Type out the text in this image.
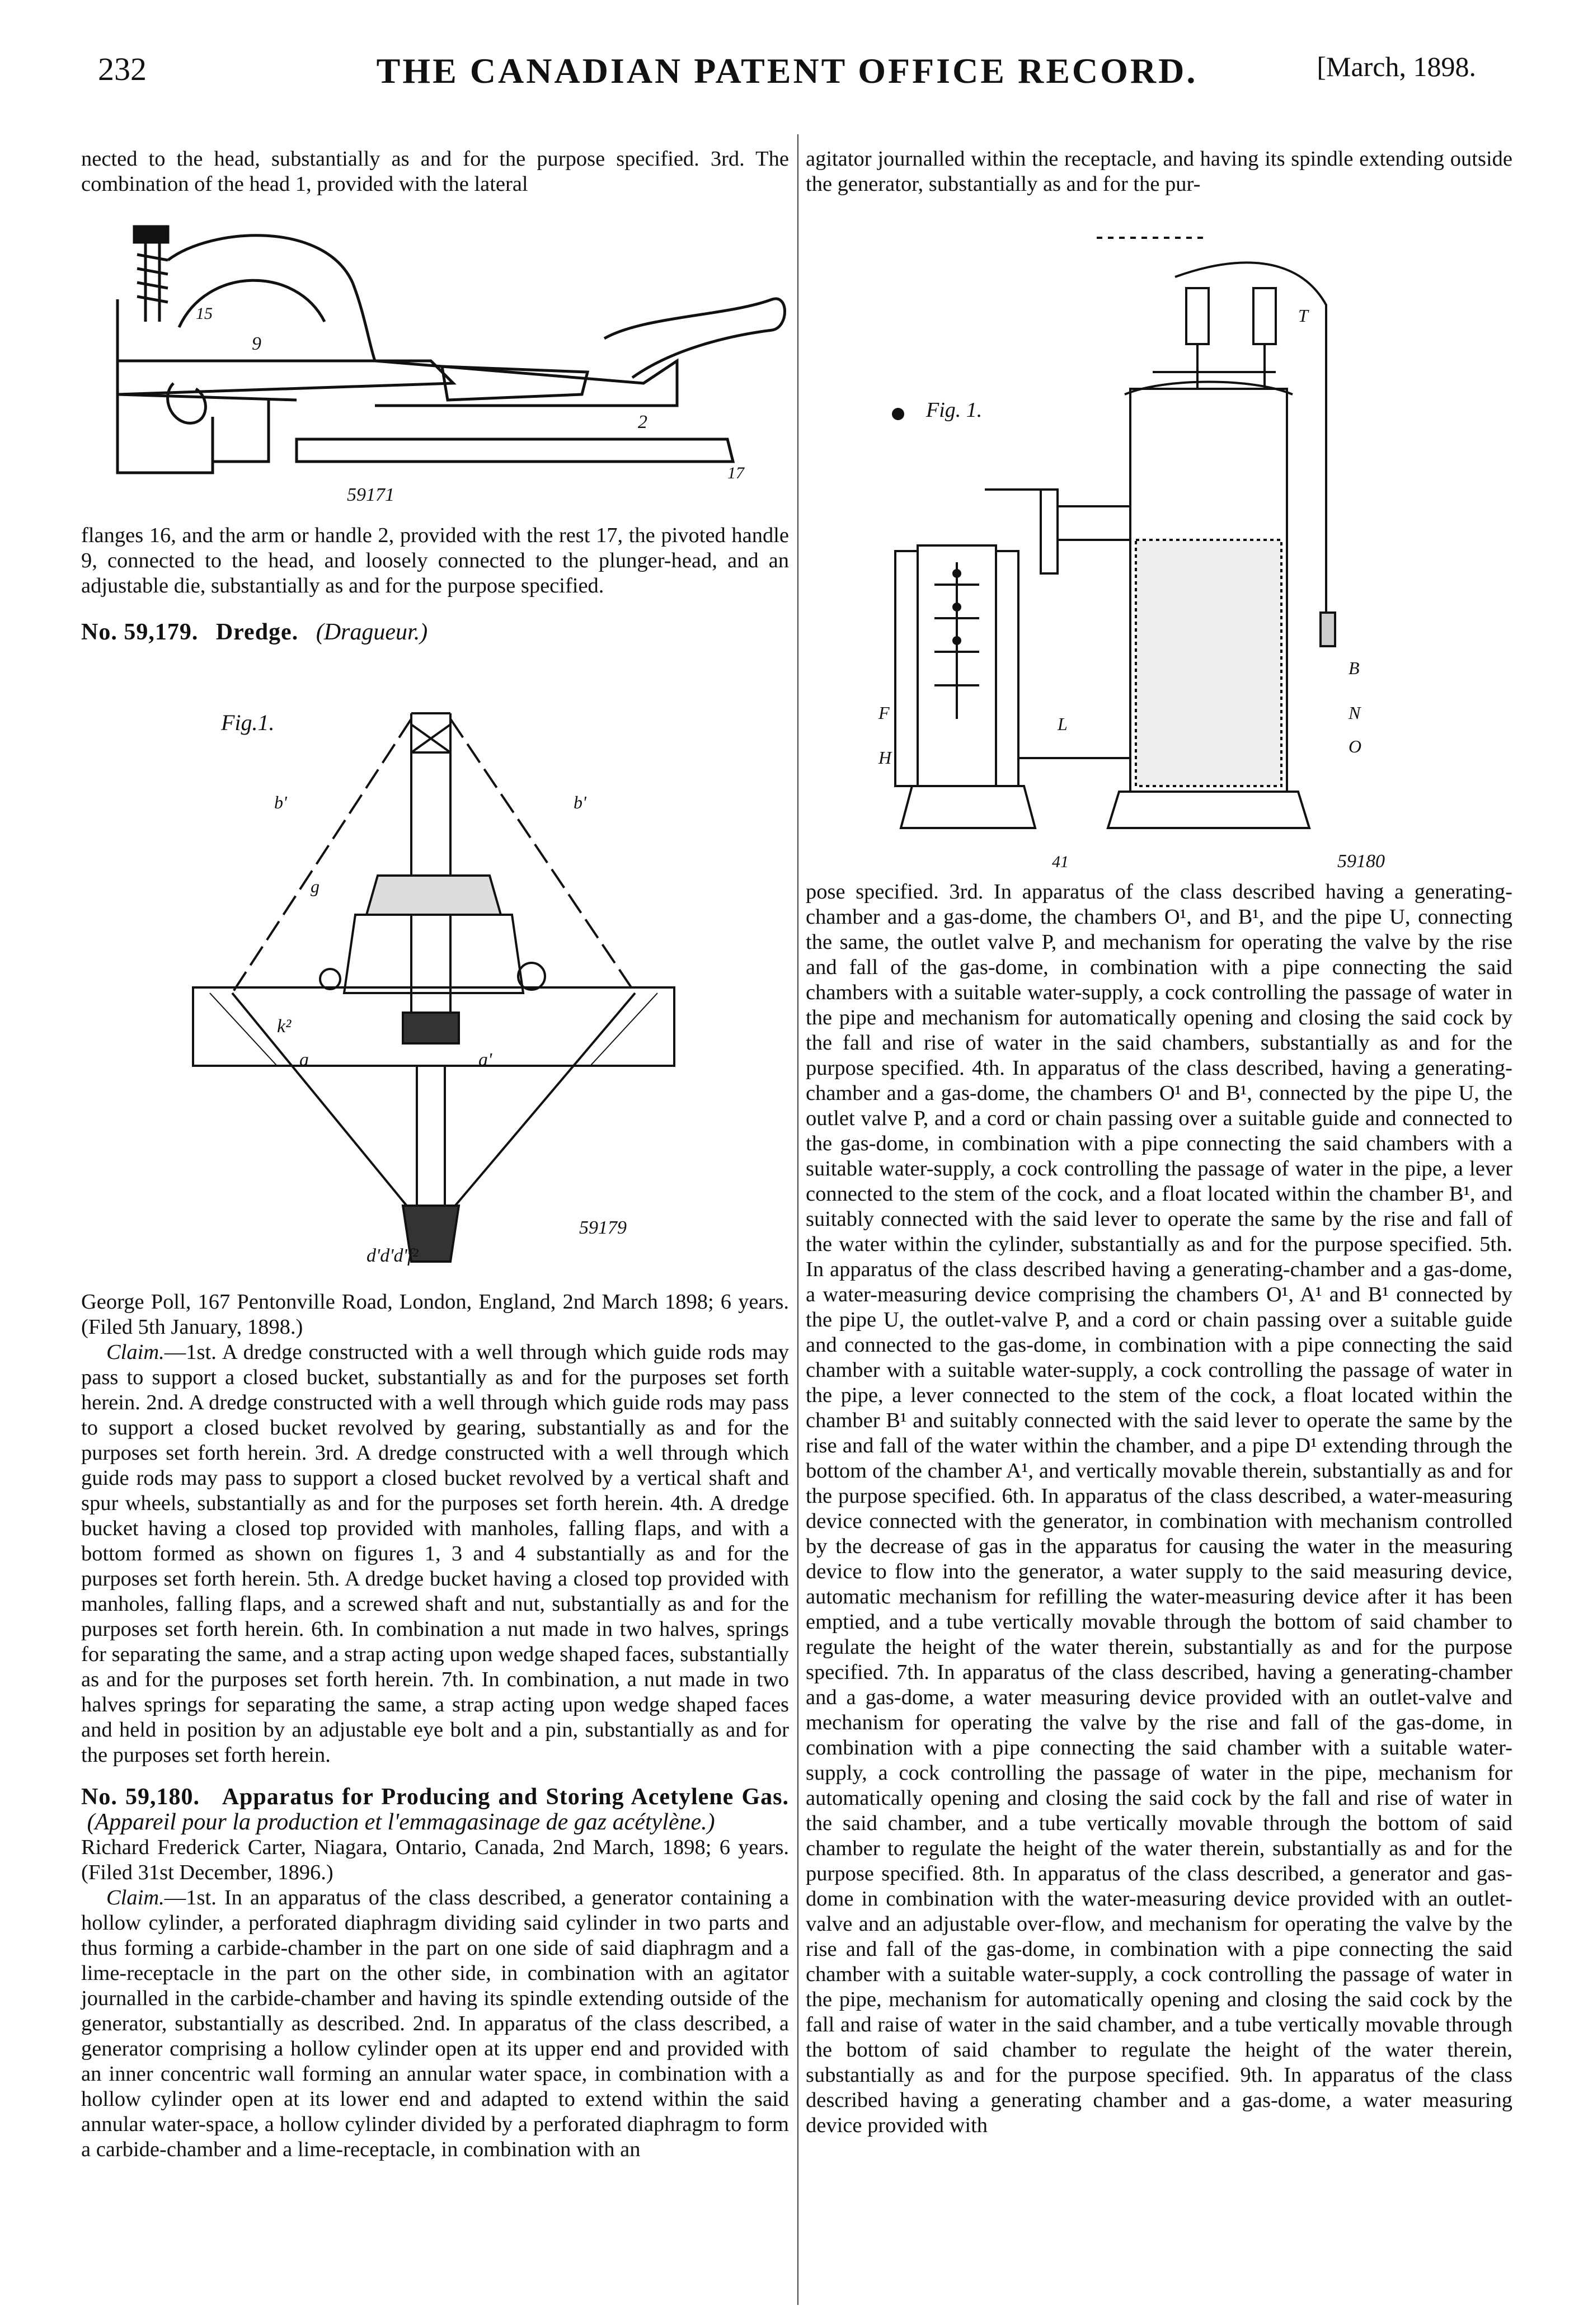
232	THE CANADIAN PATENT OFFICE RECORD.	[March, 1898.

nected to the head, substantially as and for the purpose specified. 3rd. The combination of the head 1, provided with the lateral

9
2
17
15
59171

flanges 16, and the arm or handle 2, provided with the rest 17, the pivoted handle 9, connected to the head, and loosely connected to the plunger-head, and an adjustable die, substantially as and for the purpose specified.

No. 59,179. Dredge. (Dragueur.)

Fig.1.
59179
k²
a	a'
d'd'd'f²
b'	b'
g

George Poll, 167 Pentonville Road, London, England, 2nd March 1898; 6 years. (Filed 5th January, 1898.)

Claim.—1st. A dredge constructed with a well through which guide rods may pass to support a closed bucket, substantially as and for the purposes set forth herein. 2nd. A dredge constructed with a well through which guide rods may pass to support a closed bucket revolved by gearing, substantially as and for the purposes set forth herein. 3rd. A dredge constructed with a well through which guide rods may pass to support a closed bucket revolved by a vertical shaft and spur wheels, substantially as and for the purposes set forth herein. 4th. A dredge bucket having a closed top provided with manholes, falling flaps, and with a bottom formed as shown on figures 1, 3 and 4 substantially as and for the purposes set forth herein. 5th. A dredge bucket having a closed top provided with manholes, falling flaps, and a screwed shaft and nut, substantially as and for the purposes set forth herein. 6th. In combination a nut made in two halves, springs for separating the same, and a strap acting upon wedge shaped faces, substantially as and for the purposes set forth herein. 7th. In combination, a nut made in two halves springs for separating the same, a strap acting upon wedge shaped faces and held in position by an adjustable eye bolt and a pin, substantially as and for the purposes set forth herein.

No. 59,180. Apparatus for Producing and Storing Acetylene Gas.  (Appareil pour la production et l'emmagasinage de gaz acétylène.)

Richard Frederick Carter, Niagara, Ontario, Canada, 2nd March, 1898; 6 years. (Filed 31st December, 1896.)

Claim.—1st. In an apparatus of the class described, a generator containing a hollow cylinder, a perforated diaphragm dividing said cylinder in two parts and thus forming a carbide-chamber in the part on one side of said diaphragm and a lime-receptacle in the part on the other side, in combination with an agitator journalled in the carbide-chamber and having its spindle extending outside of the generator, substantially as described. 2nd. In apparatus of the class described, a generator comprising a hollow cylinder open at its upper end and provided with an inner concentric wall forming an annular water space, in combination with a hollow cylinder open at its lower end and adapted to extend within the said annular water-space, a hollow cylinder divided by a perforated diaphragm to form a carbide-chamber and a lime-receptacle, in combination with an

agitator journalled within the receptacle, and having its spindle extending outside the generator, substantially as and for the pur-

Fig. 1.
59180
41
T
B
N
O
F
H
L

pose specified. 3rd. In apparatus of the class described having a generating-chamber and a gas-dome, the chambers O¹, and B¹, and the pipe U, connecting the same, the outlet valve P, and mechanism for operating the valve by the rise and fall of the gas-dome, in combination with a pipe connecting the said chambers with a suitable water-supply, a cock controlling the passage of water in the pipe and mechanism for automatically opening and closing the said cock by the fall and rise of water in the said chambers, substantially as and for the purpose specified. 4th. In apparatus of the class described, having a generating-chamber and a gas-dome, the chambers O¹ and B¹, connected by the pipe U, the outlet valve P, and a cord or chain passing over a suitable guide and connected to the gas-dome, in combination with a pipe connecting the said chambers with a suitable water-supply, a cock controlling the passage of water in the pipe, a lever connected to the stem of the cock, and a float located within the chamber B¹, and suitably connected with the said lever to operate the same by the rise and fall of the water within the cylinder, substantially as and for the purpose specified. 5th. In apparatus of the class described having a generating-chamber and a gas-dome, a water-measuring device comprising the chambers O¹, A¹ and B¹ connected by the pipe U, the outlet-valve P, and a cord or chain passing over a suitable guide and connected to the gas-dome, in combination with a pipe connecting the said chamber with a suitable water-supply, a cock controlling the passage of water in the pipe, a lever connected to the stem of the cock, a float located within the chamber B¹ and suitably connected with the said lever to operate the same by the rise and fall of the water within the chamber, and a pipe D¹ extending through the bottom of the chamber A¹, and vertically movable therein, substantially as and for the purpose specified. 6th. In apparatus of the class described, a water-measuring device connected with the generator, in combination with mechanism controlled by the decrease of gas in the apparatus for causing the water in the measuring device to flow into the generator, a water supply to the said measuring device, automatic mechanism for refilling the water-measuring device after it has been emptied, and a tube vertically movable through the bottom of said chamber to regulate the height of the water therein, substantially as and for the purpose specified. 7th. In apparatus of the class described, having a generating-chamber and a gas-dome, a water measuring device provided with an outlet-valve and mechanism for operating the valve by the rise and fall of the gas-dome, in combination with a pipe connecting the said chamber with a suitable water-supply, a cock controlling the passage of water in the pipe, mechanism for automatically opening and closing the said cock by the fall and rise of water in the said chamber, and a tube vertically movable through the bottom of said chamber to regulate the height of the water therein, substantially as and for the purpose specified. 8th. In apparatus of the class described, a generator and gas-dome in combination with the water-measuring device provided with an outlet-valve and an adjustable over-flow, and mechanism for operating the valve by the rise and fall of the gas-dome, in combination with a pipe connecting the said chamber with a suitable water-supply, a cock controlling the passage of water in the pipe, mechanism for automatically opening and closing the said cock by the fall and raise of water in the said chamber, and a tube vertically movable through the bottom of said chamber to regulate the height of the water therein, substantially as and for the purpose specified. 9th. In apparatus of the class described having a generating chamber and a gas-dome, a water measuring device provided with
